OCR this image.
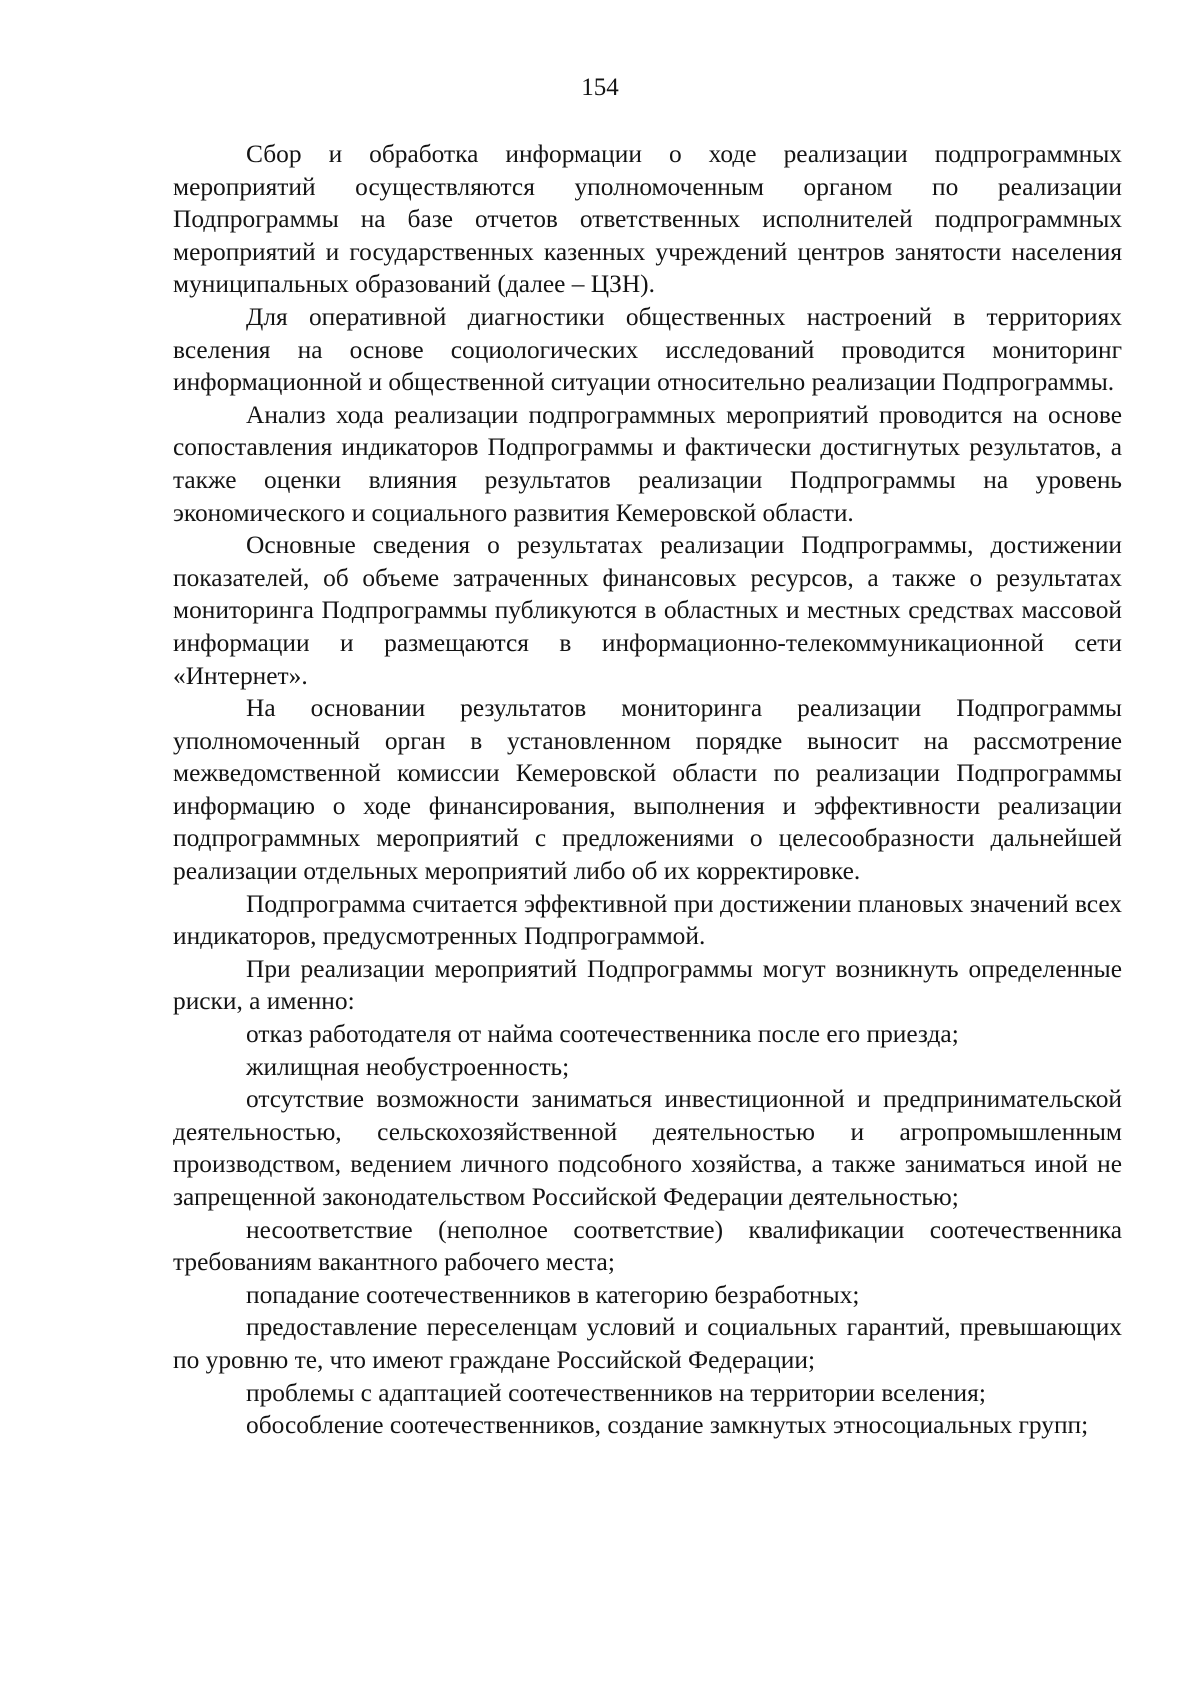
154

Сбор и обработка информации о ходе реализации подпрограммных мероприятий осуществляются уполномоченным органом по реализации Подпрограммы на базе отчетов ответственных исполнителей подпрограммных мероприятий и государственных казенных учреждений центров занятости населения муниципальных образований (далее – ЦЗН).

Для оперативной диагностики общественных настроений в территориях вселения на основе социологических исследований проводится мониторинг информационной и общественной ситуации относительно реализации Подпрограммы.

Анализ хода реализации подпрограммных мероприятий проводится на основе сопоставления индикаторов Подпрограммы и фактически достигнутых результатов, а также оценки влияния результатов реализации Подпрограммы на уровень экономического и социального развития Кемеровской области.

Основные сведения о результатах реализации Подпрограммы, достижении показателей, об объеме затраченных финансовых ресурсов, а также о результатах мониторинга Подпрограммы публикуются в областных и местных средствах массовой информации и размещаются в информационно-телекоммуникационной сети «Интернет».

На основании результатов мониторинга реализации Подпрограммы уполномоченный орган в установленном порядке выносит на рассмотрение межведомственной комиссии Кемеровской области по реализации Подпрограммы информацию о ходе финансирования, выполнения и эффективности реализации подпрограммных мероприятий с предложениями о целесообразности дальнейшей реализации отдельных мероприятий либо об их корректировке.

Подпрограмма считается эффективной при достижении плановых значений всех индикаторов, предусмотренных Подпрограммой.

При реализации мероприятий Подпрограммы могут возникнуть определенные риски, а именно:

отказ работодателя от найма соотечественника после его приезда;

жилищная необустроенность;

отсутствие возможности заниматься инвестиционной и предпринимательской деятельностью, сельскохозяйственной деятельностью и агропромышленным производством, ведением личного подсобного хозяйства, а также заниматься иной не запрещенной законодательством Российской Федерации деятельностью;

несоответствие (неполное соответствие) квалификации соотечественника требованиям вакантного рабочего места;

попадание соотечественников в категорию безработных;

предоставление переселенцам условий и социальных гарантий, превышающих по уровню те, что имеют граждане Российской Федерации;

проблемы с адаптацией соотечественников на территории вселения;

обособление соотечественников, создание замкнутых этносоциальных групп;
